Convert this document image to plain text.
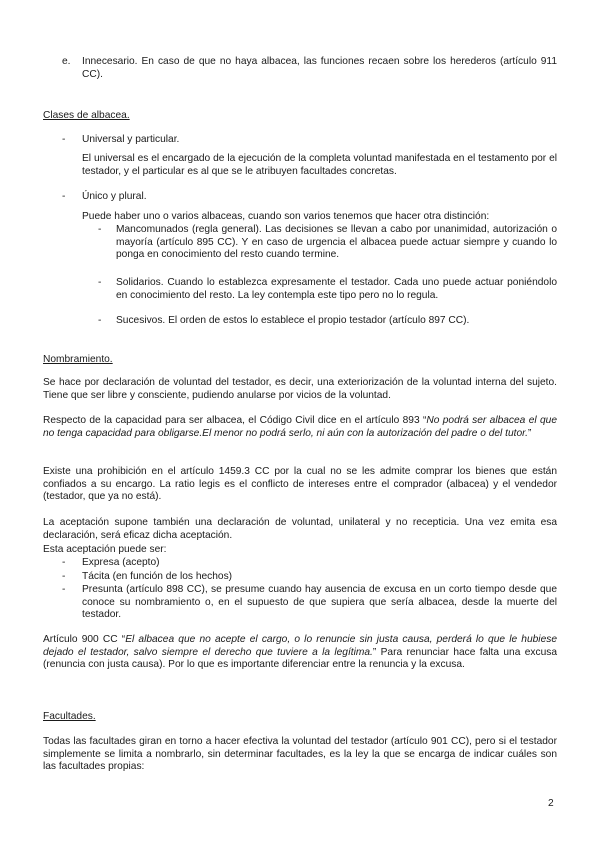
e. Innecesario. En caso de que no haya albacea, las funciones recaen sobre los herederos (artículo 911 CC).

Clases de albacea.

- Universal y particular.

El universal es el encargado de la ejecución de la completa voluntad manifestada en el testamento por el testador, y el particular es al que se le atribuyen facultades concretas.

- Único y plural.

Puede haber uno o varios albaceas, cuando son varios tenemos que hacer otra distinción:

- Mancomunados (regla general). Las decisiones se llevan a cabo por unanimidad, autorización o mayoría (artículo 895 CC). Y en caso de urgencia el albacea puede actuar siempre y cuando lo ponga en conocimiento del resto cuando termine.

- Solidarios. Cuando lo establezca expresamente el testador. Cada uno puede actuar poniéndolo en conocimiento del resto. La ley contempla este tipo pero no lo regula.

- Sucesivos. El orden de estos lo establece el propio testador (artículo 897 CC).

Nombramiento.

Se hace por declaración de voluntad del testador, es decir, una exteriorización de la voluntad interna del sujeto. Tiene que ser libre y consciente, pudiendo anularse por vicios de la voluntad.

Respecto de la capacidad para ser albacea, el Código Civil dice en el artículo 893 “No podrá ser albacea el que no tenga capacidad para obligarse.El menor no podrá serlo, ni aún con la autorización del padre o del tutor.”

Existe una prohibición en el artículo 1459.3 CC por la cual no se les admite comprar los bienes que están confiados a su encargo. La ratio legis es el conflicto de intereses entre el comprador (albacea) y el vendedor (testador, que ya no está).

La aceptación supone también una declaración de voluntad, unilateral y no recepticia. Una vez emita esa declaración, será eficaz dicha aceptación.

Esta aceptación puede ser:

- Expresa (acepto)

- Tácita (en función de los hechos)

- Presunta (artículo 898 CC), se presume cuando hay ausencia de excusa en un corto tiempo desde que conoce su nombramiento o, en el supuesto de que supiera que sería albacea, desde la muerte del testador.

Artículo 900 CC “El albacea que no acepte el cargo, o lo renuncie sin justa causa, perderá lo que le hubiese dejado el testador, salvo siempre el derecho que tuviere a la legítima.” Para renunciar hace falta una excusa (renuncia con justa causa). Por lo que es importante diferenciar entre la renuncia y la excusa.

Facultades.

Todas las facultades giran en torno a hacer efectiva la voluntad del testador (artículo 901 CC), pero si el testador simplemente se limita a nombrarlo, sin determinar facultades, es la ley la que se encarga de indicar cuáles son las facultades propias:

2
